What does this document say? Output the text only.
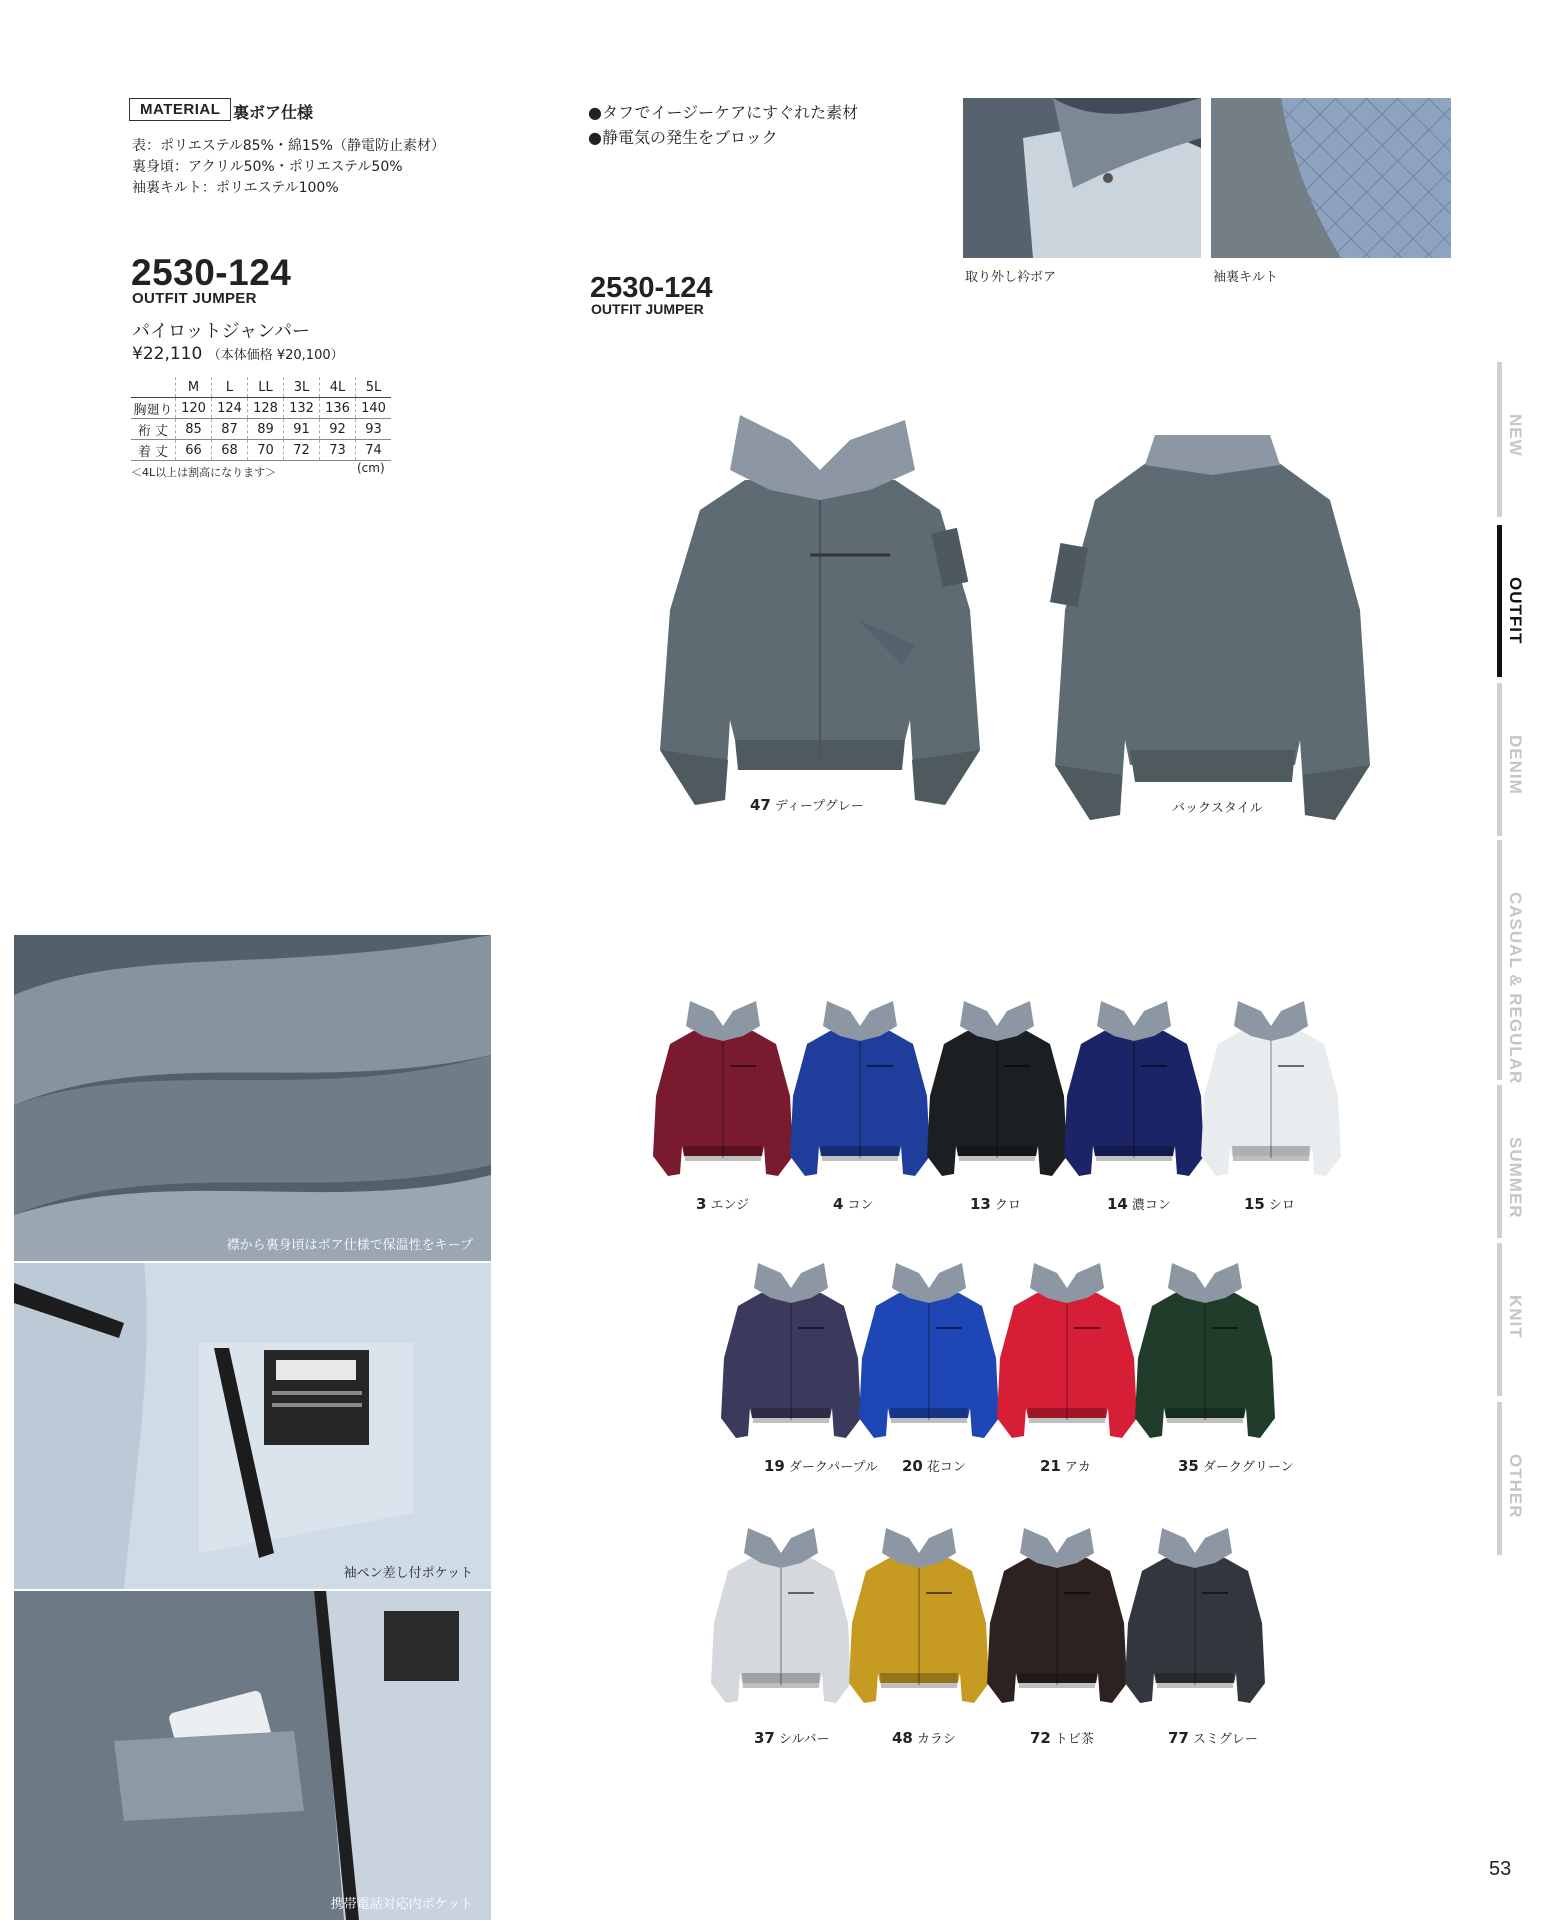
MATERIAL 裏ボア仕様
表：ポリエステル85%・綿15%（静電防止素材）
裏身頃：アクリル50%・ポリエステル50%
袖裏キルト：ポリエステル100%
2530-124
OUTFIT JUMPER
パイロットジャンパー
¥22,110 （本体価格 ¥20,100）
	M	L	LL	3L	4L	5L
胸廻り	120	124	128	132	136	140
裄 丈	85	87	89	91	92	93
着 丈	66	68	70	72	73	74
＜4L以上は割高になります＞	(cm)
●タフでイージーケアにすぐれた素材
●静電気の発生をブロック
2530-124
OUTFIT JUMPER
取り外し衿ボア	袖裏キルト
47 ディープグレー	バックスタイル
襟から裏身頃はボア仕様で保温性をキープ
袖ペン差し付ポケット
携帯電話対応内ポケット
53
3 エンジ	4 コン	13 クロ	14 濃コン	15 シロ
19 ダークパープル 20 花コン	21 アカ	35 ダークグリーン
37 シルバー	48 カラシ	72 トビ茶	77 スミグレー
NEW
OUTFIT
DENIM
CASUAL & REGULAR
SUMMER
KNIT
OTHER
